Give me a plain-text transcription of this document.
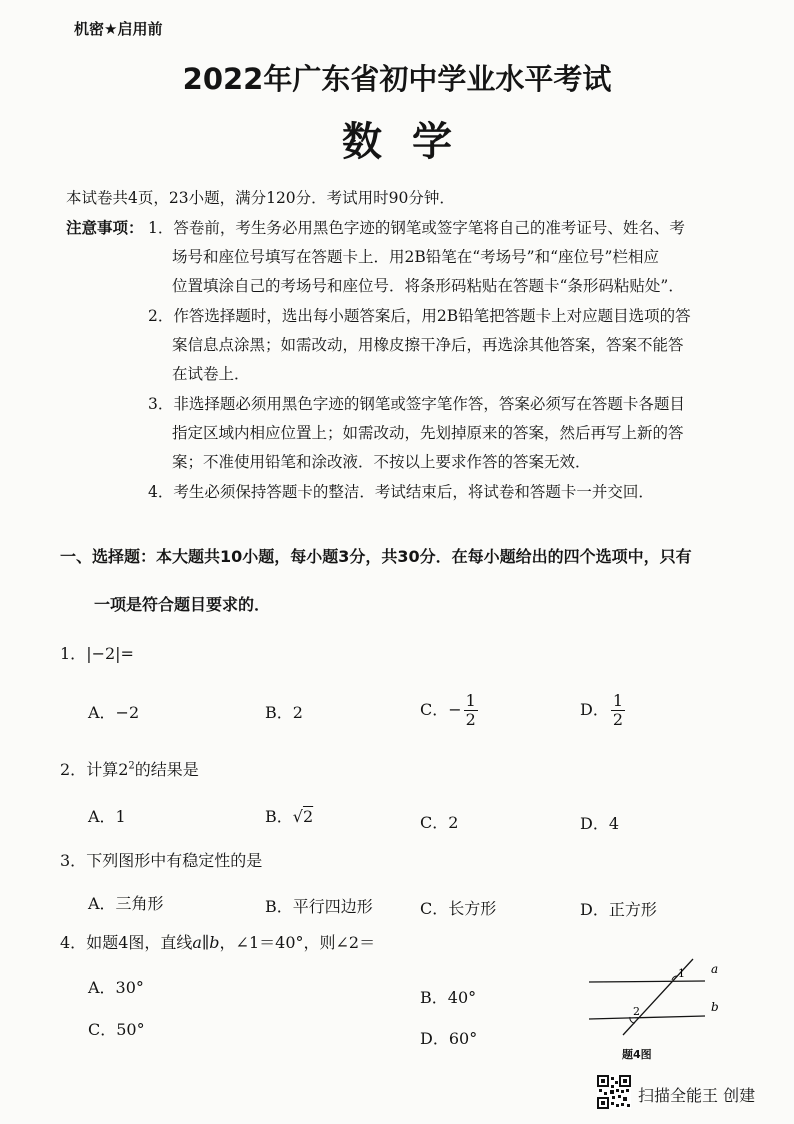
机密★启用前
2022年广东省初中学业水平考试
数学
本试卷共4页，23小题，满分120分．考试用时90分钟．
注意事项： 1．答卷前，考生务必用黑色字迹的钢笔或签字笔将自己的准考证号、姓名、考
场号和座位号填写在答题卡上．用2B铅笔在“考场号”和“座位号”栏相应
位置填涂自己的考场号和座位号．将条形码粘贴在答题卡“条形码粘贴处”．
2．作答选择题时，选出每小题答案后，用2B铅笔把答题卡上对应题目选项的答
案信息点涂黑；如需改动，用橡皮擦干净后，再选涂其他答案，答案不能答
在试卷上．
3．非选择题必须用黑色字迹的钢笔或签字笔作答，答案必须写在答题卡各题目
指定区域内相应位置上；如需改动，先划掉原来的答案，然后再写上新的答
案；不准使用铅笔和涂改液．不按以上要求作答的答案无效．
4．考生必须保持答题卡的整洁．考试结束后，将试卷和答题卡一并交回．
一、选择题：本大题共10小题，每小题3分，共30分．在每小题给出的四个选项中，只有
一项是符合题目要求的．
1．|−2|=
A．−2	B．2	C．− $\frac{1}{2}$	D． $\frac{1}{2}$
2．计算$2^2$的结果是
A．1	B．√2	C．2	D．4
3．下列图形中有稳定性的是
A．三角形	B．平行四边形	C．长方形	D．正方形
4．如题4图，直线a∥b，∠1＝40°，则∠2＝
A．30°
B．40°
C．50°	D．60°
1
2
a
b
题4图
扫描全能王 创建
